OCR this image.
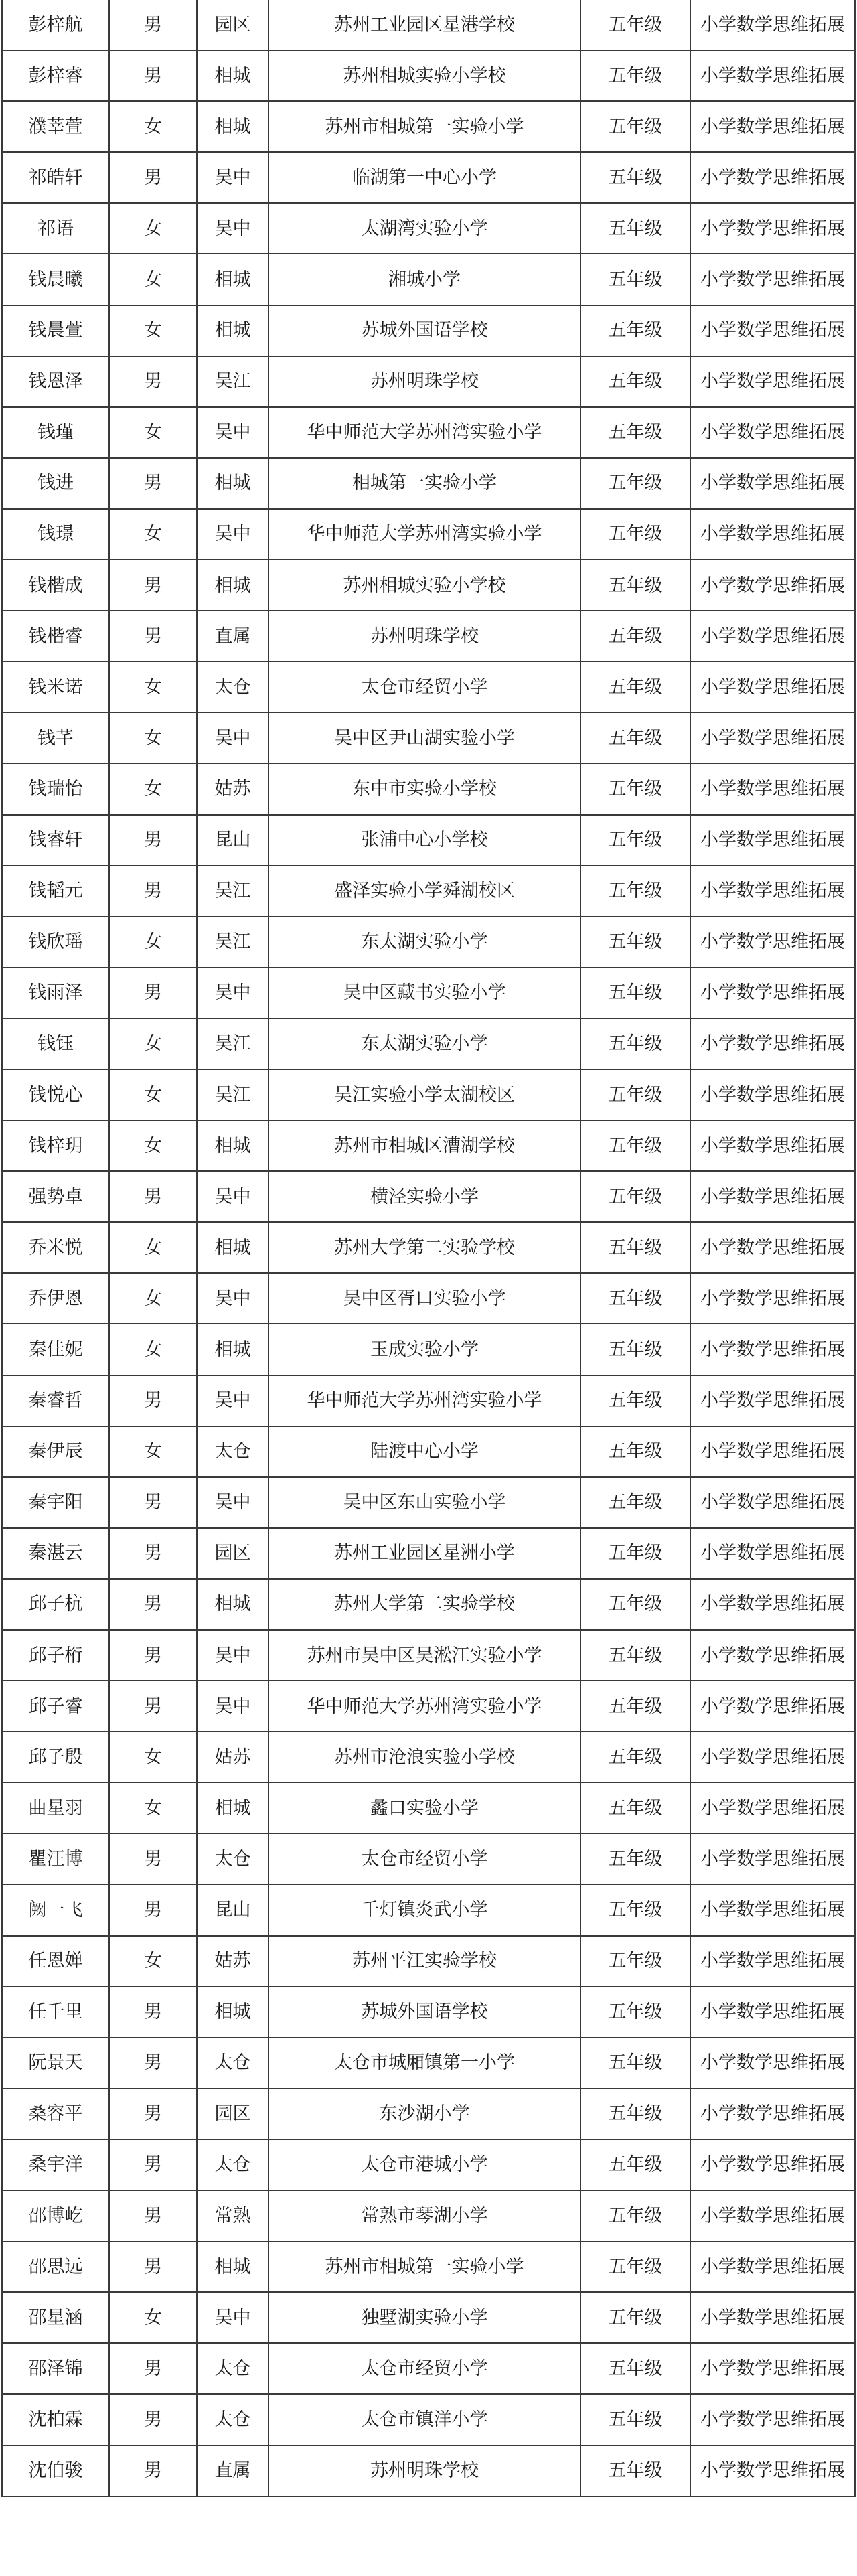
彭梓航	男	园区	苏州工业园区星港学校	五年级	小学数学思维拓展
彭梓睿	男	相城	苏州相城实验小学校	五年级	小学数学思维拓展
濮莘萱	女	相城	苏州市相城第一实验小学	五年级	小学数学思维拓展
祁皓轩	男	吴中	临湖第一中心小学	五年级	小学数学思维拓展
祁语	女	吴中	太湖湾实验小学	五年级	小学数学思维拓展
钱晨曦	女	相城	湘城小学	五年级	小学数学思维拓展
钱晨萱	女	相城	苏城外国语学校	五年级	小学数学思维拓展
钱恩泽	男	吴江	苏州明珠学校	五年级	小学数学思维拓展
钱瑾	女	吴中	华中师范大学苏州湾实验小学	五年级	小学数学思维拓展
钱进	男	相城	相城第一实验小学	五年级	小学数学思维拓展
钱璟	女	吴中	华中师范大学苏州湾实验小学	五年级	小学数学思维拓展
钱楷成	男	相城	苏州相城实验小学校	五年级	小学数学思维拓展
钱楷睿	男	直属	苏州明珠学校	五年级	小学数学思维拓展
钱米诺	女	太仓	太仓市经贸小学	五年级	小学数学思维拓展
钱芊	女	吴中	吴中区尹山湖实验小学	五年级	小学数学思维拓展
钱瑞怡	女	姑苏	东中市实验小学校	五年级	小学数学思维拓展
钱睿轩	男	昆山	张浦中心小学校	五年级	小学数学思维拓展
钱韬元	男	吴江	盛泽实验小学舜湖校区	五年级	小学数学思维拓展
钱欣瑶	女	吴江	东太湖实验小学	五年级	小学数学思维拓展
钱雨泽	男	吴中	吴中区藏书实验小学	五年级	小学数学思维拓展
钱钰	女	吴江	东太湖实验小学	五年级	小学数学思维拓展
钱悦心	女	吴江	吴江实验小学太湖校区	五年级	小学数学思维拓展
钱梓玥	女	相城	苏州市相城区漕湖学校	五年级	小学数学思维拓展
强势卓	男	吴中	横泾实验小学	五年级	小学数学思维拓展
乔米悦	女	相城	苏州大学第二实验学校	五年级	小学数学思维拓展
乔伊恩	女	吴中	吴中区胥口实验小学	五年级	小学数学思维拓展
秦佳妮	女	相城	玉成实验小学	五年级	小学数学思维拓展
秦睿哲	男	吴中	华中师范大学苏州湾实验小学	五年级	小学数学思维拓展
秦伊辰	女	太仓	陆渡中心小学	五年级	小学数学思维拓展
秦宇阳	男	吴中	吴中区东山实验小学	五年级	小学数学思维拓展
秦湛云	男	园区	苏州工业园区星洲小学	五年级	小学数学思维拓展
邱子杭	男	相城	苏州大学第二实验学校	五年级	小学数学思维拓展
邱子桁	男	吴中	苏州市吴中区吴淞江实验小学	五年级	小学数学思维拓展
邱子睿	男	吴中	华中师范大学苏州湾实验小学	五年级	小学数学思维拓展
邱子殷	女	姑苏	苏州市沧浪实验小学校	五年级	小学数学思维拓展
曲星羽	女	相城	蠡口实验小学	五年级	小学数学思维拓展
瞿汪博	男	太仓	太仓市经贸小学	五年级	小学数学思维拓展
阙一飞	男	昆山	千灯镇炎武小学	五年级	小学数学思维拓展
任恩婵	女	姑苏	苏州平江实验学校	五年级	小学数学思维拓展
任千里	男	相城	苏城外国语学校	五年级	小学数学思维拓展
阮景天	男	太仓	太仓市城厢镇第一小学	五年级	小学数学思维拓展
桑容平	男	园区	东沙湖小学	五年级	小学数学思维拓展
桑宇洋	男	太仓	太仓市港城小学	五年级	小学数学思维拓展
邵博屹	男	常熟	常熟市琴湖小学	五年级	小学数学思维拓展
邵思远	男	相城	苏州市相城第一实验小学	五年级	小学数学思维拓展
邵星涵	女	吴中	独墅湖实验小学	五年级	小学数学思维拓展
邵泽锦	男	太仓	太仓市经贸小学	五年级	小学数学思维拓展
沈柏霖	男	太仓	太仓市镇洋小学	五年级	小学数学思维拓展
沈伯骏	男	直属	苏州明珠学校	五年级	小学数学思维拓展
